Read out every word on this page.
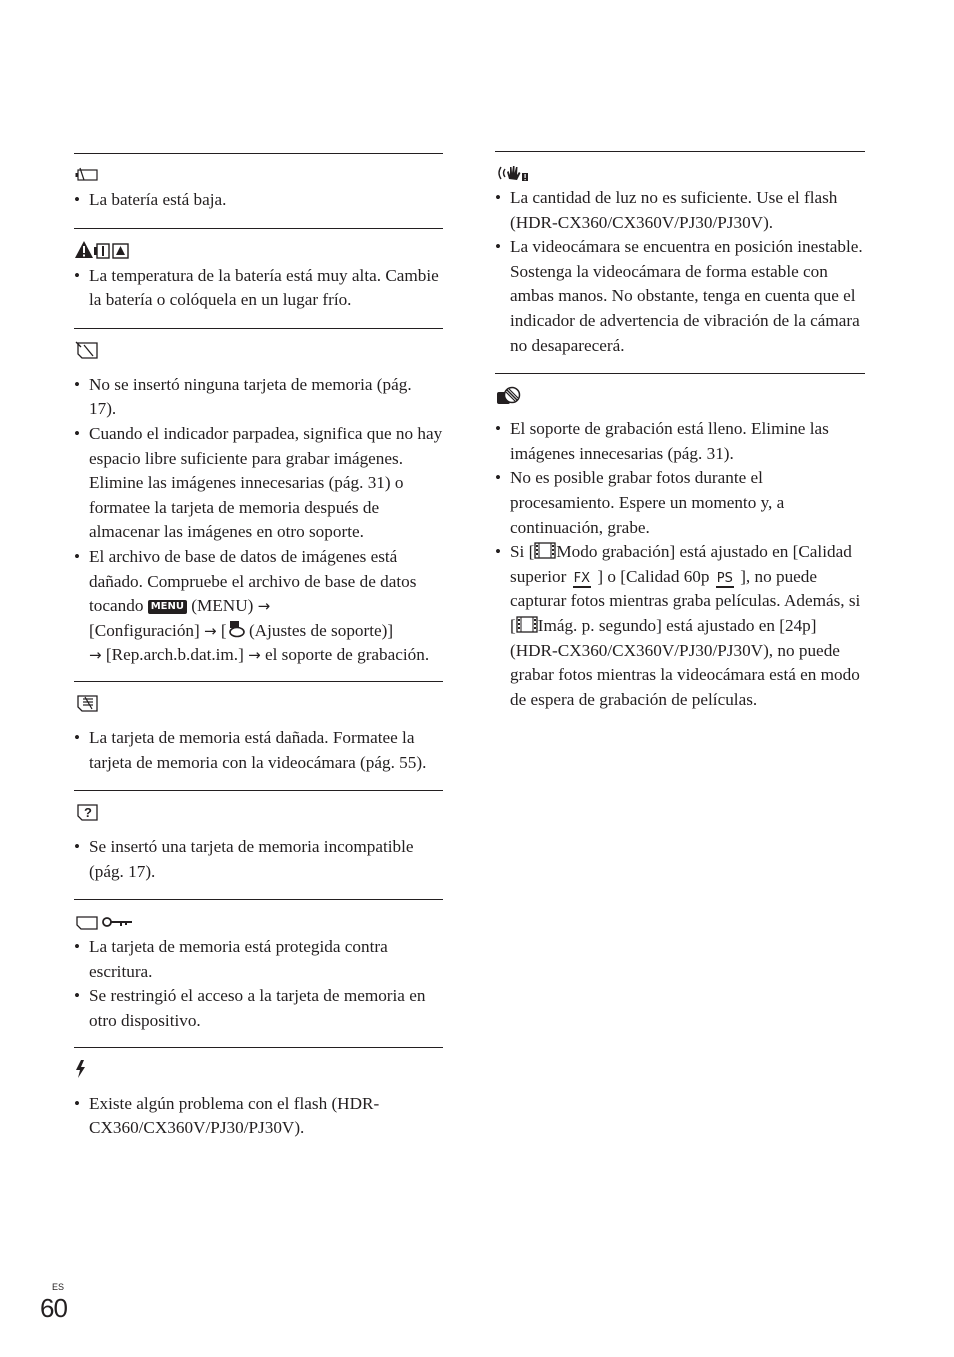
• La batería está baja.
• La temperatura de la batería está muy alta. Cambie la batería o colóquela en un lugar frío.
• No se insertó ninguna tarjeta de memoria (pág. 17).
• Cuando el indicador parpadea, significa que no hay espacio libre suficiente para grabar imágenes. Elimine las imágenes innecesarias (pág. 31) o formatee la tarjeta de memoria después de almacenar las imágenes en otro soporte.
• El archivo de base de datos de imágenes está dañado. Compruebe el archivo de base de datos tocando MENU (MENU) →
[Configuración] → [ (Ajustes de soporte)]
→ [Rep.arch.b.dat.im.] → el soporte de grabación.
• La tarjeta de memoria está dañada. Formatee la tarjeta de memoria con la videocámara (pág. 55).
?
• Se insertó una tarjeta de memoria incompatible (pág. 17).
• La tarjeta de memoria está protegida contra escritura.
• Se restringió el acceso a la tarjeta de memoria en otro dispositivo.
• Existe algún problema con el flash (HDR-CX360/CX360V/PJ30/PJ30V).
• La cantidad de luz no es suficiente. Use el flash (HDR-CX360/CX360V/PJ30/PJ30V).
• La videocámara se encuentra en posición inestable. Sostenga la videocámara de forma estable con ambas manos. No obstante, tenga en cuenta que el indicador de advertencia de vibración de la cámara no desaparecerá.
• El soporte de grabación está lleno. Elimine las imágenes innecesarias (pág. 31).
• No es posible grabar fotos durante el procesamiento. Espere un momento y, a continuación, grabe.
• Si [ Modo grabación] está ajustado en [Calidad superior FX ] o [Calidad 60p PS ], no puede capturar fotos mientras graba películas. Además, si [ Imág. p. segundo] está ajustado en [24p] (HDR-CX360/CX360V/PJ30/PJ30V), no puede grabar fotos mientras la videocámara está en modo de espera de grabación de películas.
ES
60
